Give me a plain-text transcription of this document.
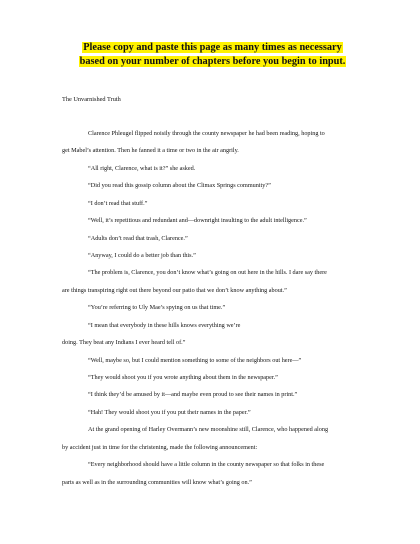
Please copy and paste this page as many times as necessary
based on your number of chapters before you begin to input.
The Unvarnished Truth
Clarence Phleugel flipped noisily through the county newspaper he had been reading, hoping to
get Mabel’s attention. Then he fanned it a time or two in the air angrily.
“All right, Clarence, what is it?” she asked.
“Did you read this gossip column about the Climax Springs community?”
“I don’t read that stuff.”
“Well, it’s repetitious and redundant and—downright insulting to the adult intelligence.”
“Adults don’t read that trash, Clarence.”
“Anyway, I could do a better job than this.”
“The problem is, Clarence, you don’t know what’s going on out here in the hills. I dare say there
are things transpiring right out there beyond our patio that we don’t know anything about.”
“You’re referring to Uly Mae’s spying on us that time.”
“I mean that everybody in these hills knows everything we’re
doing. They beat any Indians I ever heard tell of.”
“Well, maybe so, but I could mention something to some of the neighbors out here—”
“They would shoot you if you wrote anything about them in the newspaper.”
“I think they’d be amused by it—and maybe even proud to see their names in print.”
“Hah! They would shoot you if you put their names in the paper.”
At the grand opening of Harley Overmann’s new moonshine still, Clarence, who happened along
by accident just in time for the christening, made the following announcement:
“Every neighborhood should have a little column in the county newspaper so that folks in these
parts as well as in the surrounding communities will know what’s going on.”
